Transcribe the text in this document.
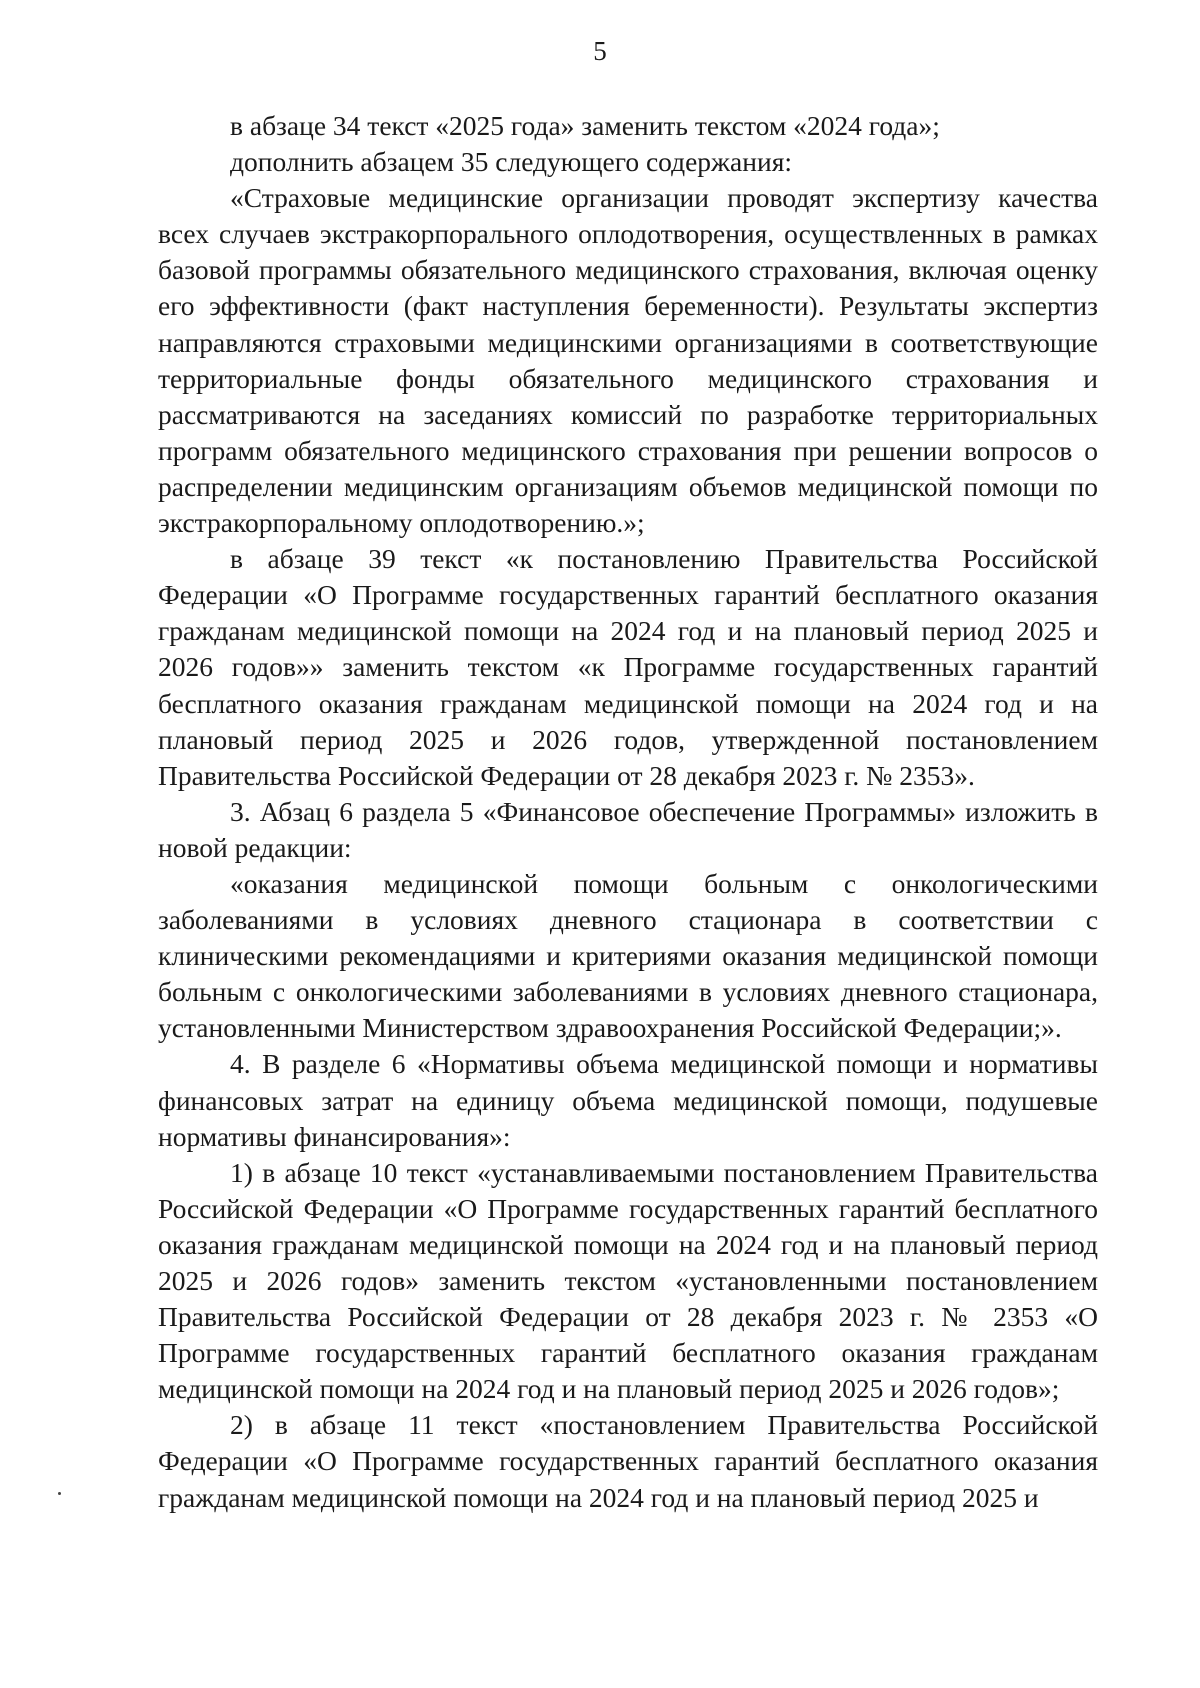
5

в абзаце 34 текст «2025 года» заменить текстом «2024 года»;

дополнить абзацем 35 следующего содержания:

«Страховые медицинские организации проводят экспертизу качества всех случаев экстракорпорального оплодотворения, осуществленных в рамках базовой программы обязательного медицинского страхования, включая оценку его эффективности (факт наступления беременности). Результаты экспертиз направляются страховыми медицинскими организациями в соответствующие территориальные фонды обязательного медицинского страхования и рассматриваются на заседаниях комиссий по разработке территориальных программ обязательного медицинского страхования при решении вопросов о распределении медицинским организациям объемов медицинской помощи по экстракорпоральному оплодотворению.»;

в абзаце 39 текст «к постановлению Правительства Российской Федерации «О Программе государственных гарантий бесплатного оказания гражданам медицинской помощи на 2024 год и на плановый период 2025 и 2026 годов»» заменить текстом «к Программе государственных гарантий бесплатного оказания гражданам медицинской помощи на 2024 год и на плановый период 2025 и 2026 годов, утвержденной постановлением Правительства Российской Федерации от 28 декабря 2023 г. № 2353».

3. Абзац 6 раздела 5 «Финансовое обеспечение Программы» изложить в новой редакции:

«оказания медицинской помощи больным с онкологическими заболеваниями в условиях дневного стационара в соответствии с клиническими рекомендациями и критериями оказания медицинской помощи больным с онкологическими заболеваниями в условиях дневного стационара, установленными Министерством здравоохранения Российской Федерации;».

4. В разделе 6 «Нормативы объема медицинской помощи и нормативы финансовых затрат на единицу объема медицинской помощи, подушевые нормативы финансирования»:

1) в абзаце 10 текст «устанавливаемыми постановлением Правительства Российской Федерации «О Программе государственных гарантий бесплатного оказания гражданам медицинской помощи на 2024 год и на плановый период 2025 и 2026 годов» заменить текстом «установленными постановлением Правительства Российской Федерации от 28 декабря 2023 г. № 2353 «О Программе государственных гарантий бесплатного оказания гражданам медицинской помощи на 2024 год и на плановый период 2025 и 2026 годов»;

2) в абзаце 11 текст «постановлением Правительства Российской Федерации «О Программе государственных гарантий бесплатного оказания гражданам медицинской помощи на 2024 год и на плановый период 2025 и
